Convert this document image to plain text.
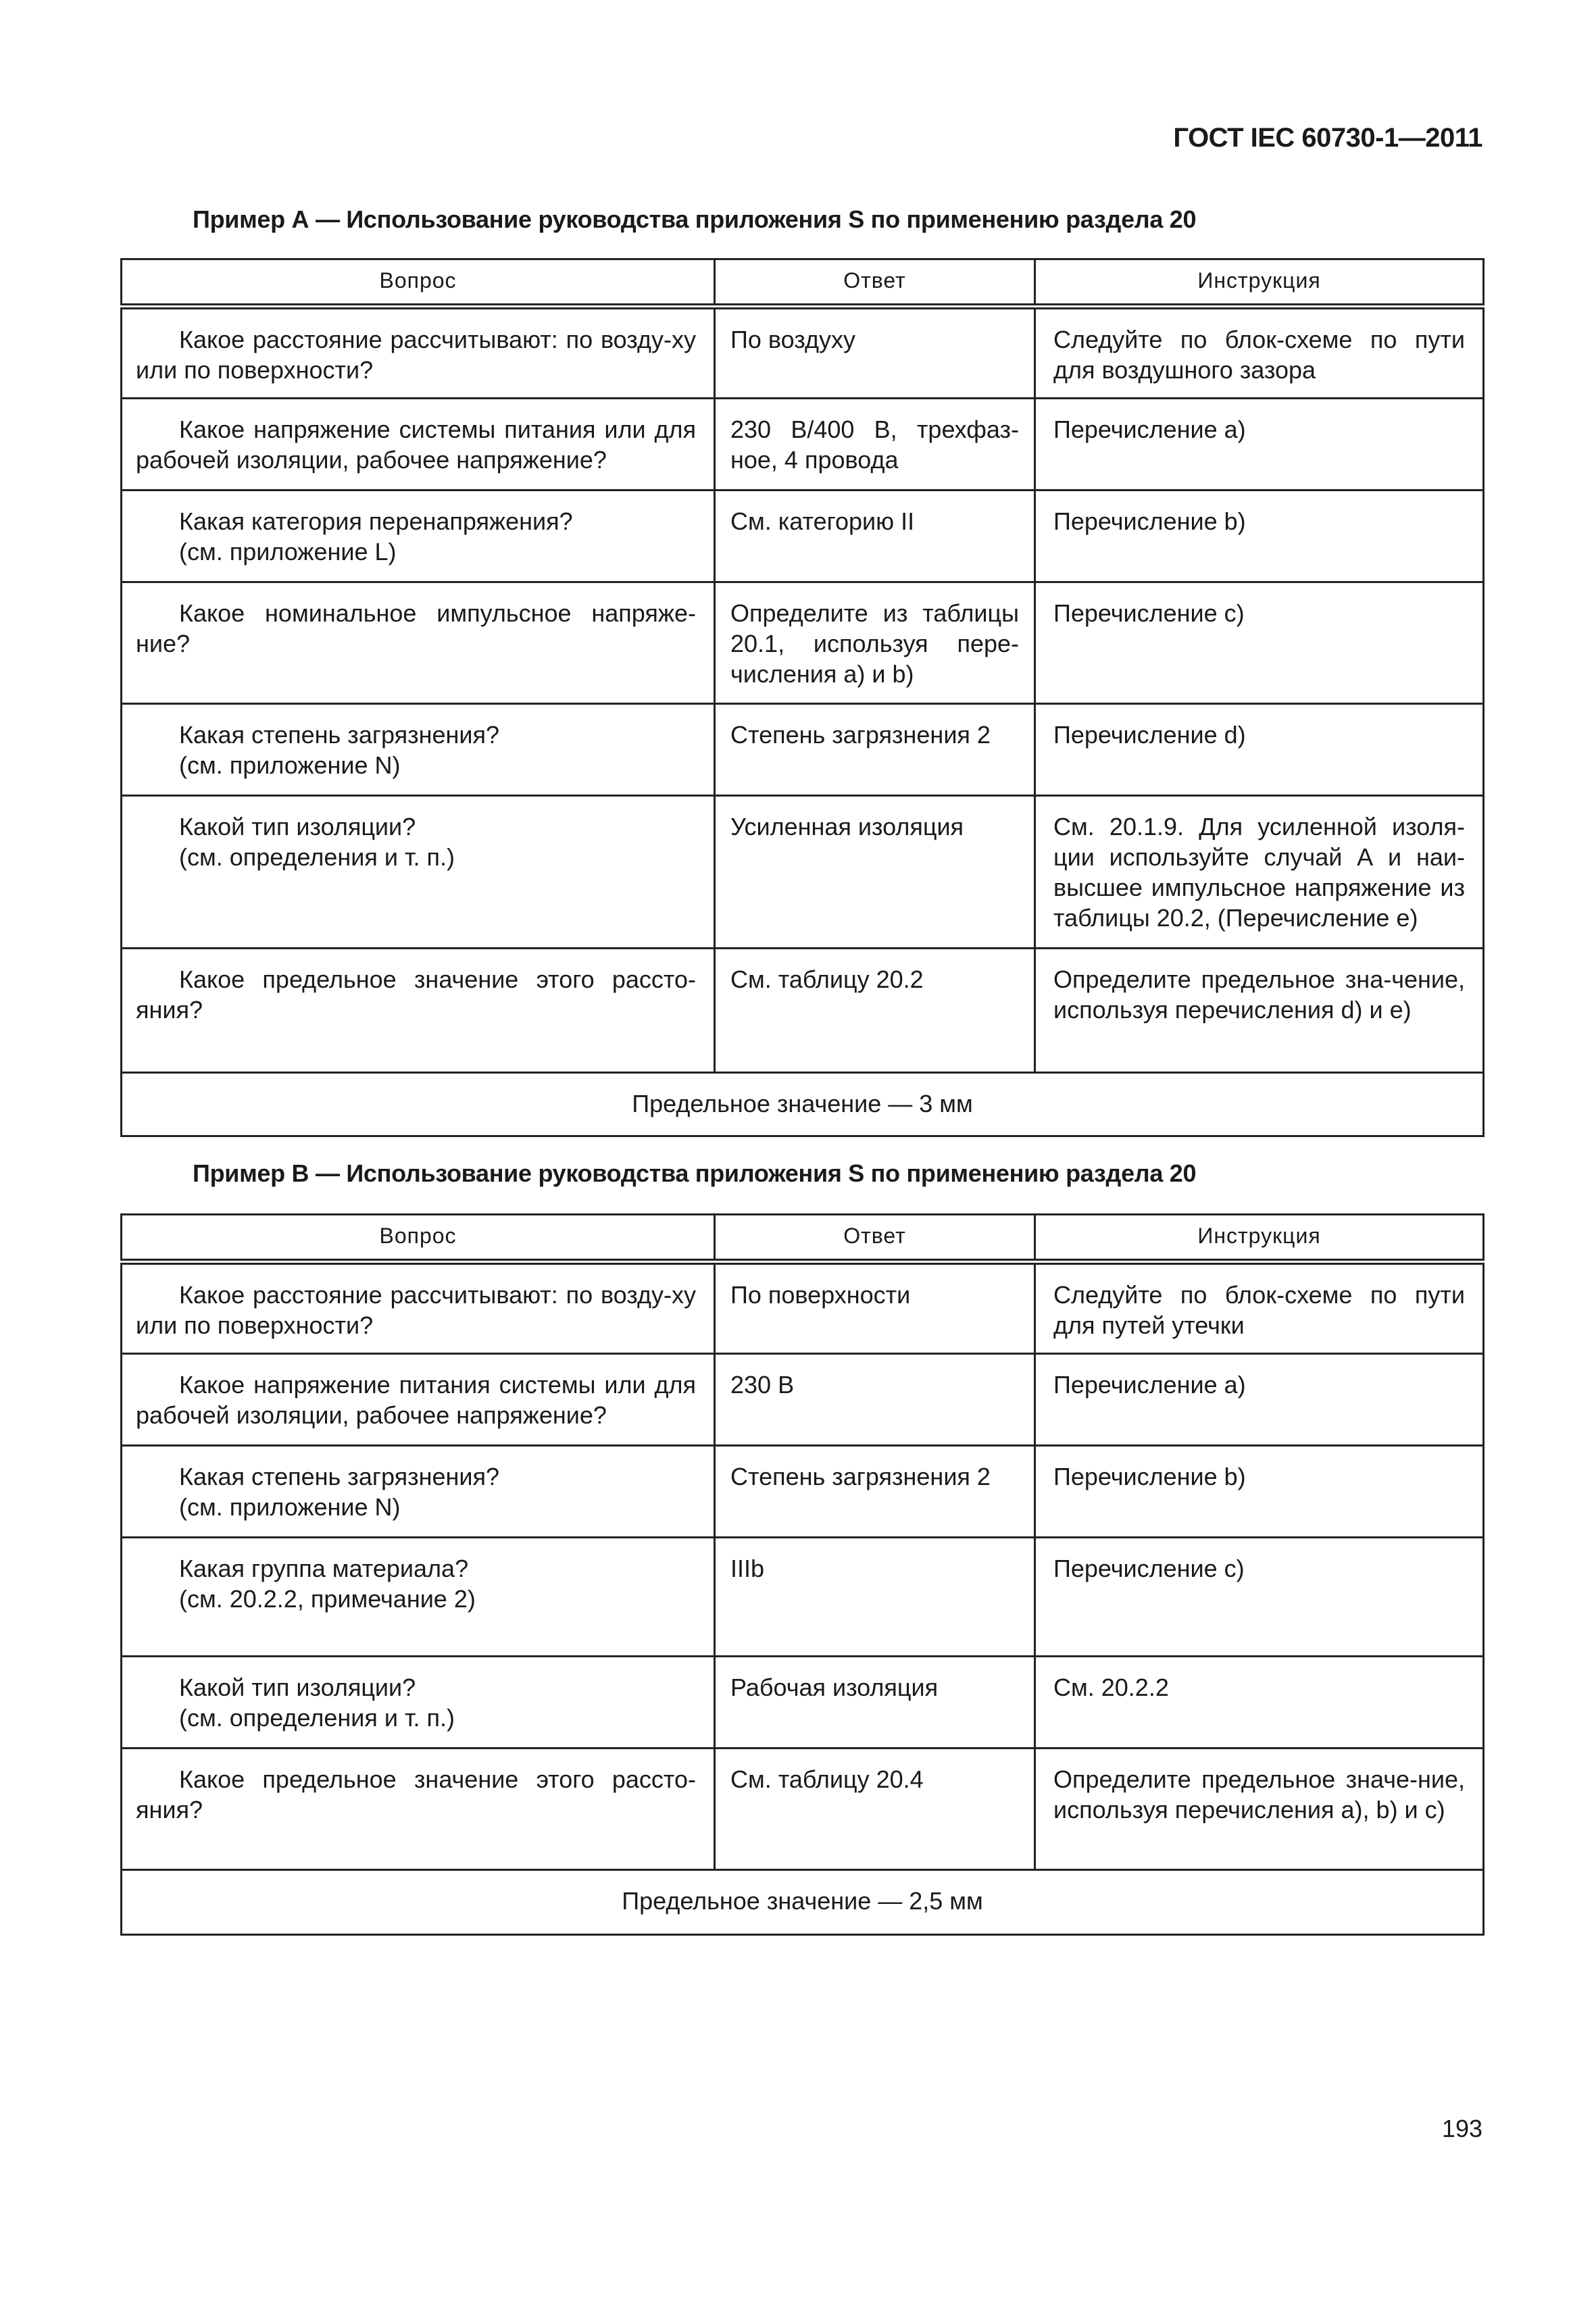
ГОСТ IEC 60730-1—2011
Пример А — Использование руководства приложения S по применению раздела 20
Вопрос	Ответ	Инструкция

Какое расстояние рассчитывают: по возду-ху или по поверхности?	По воздуху	Следуйте по блок-схеме по пути для воздушного зазора

Какое напряжение системы питания или для рабочей изоляции, рабочее напряжение?	230 В/400 В, трехфаз-ное, 4 провода	Перечисление а)

Какая категория перенапряжения?
(см. приложение L)	См. категорию II	Перечисление b)

Какое номинальное импульсное напряже-ние?	Определите из таблицы 20.1, используя пере-числения а) и b)	Перечисление с)

Какая степень загрязнения?
(см. приложение N)	Степень загрязнения 2	Перечисление d)

Какой тип изоляции?
(см. определения и т. п.)	Усиленная изоляция	См. 20.1.9. Для усиленной изоля-ции используйте случай А и наи-высшее импульсное напряжение из таблицы 20.2, (Перечисление е)

Какое предельное значение этого рассто-яния?	См. таблицу 20.2	Определите предельное зна-чение, используя перечисления d) и е)
Предельное значение — 3 мм		
Пример В — Использование руководства приложения S по применению раздела 20
Вопрос	Ответ	Инструкция

Какое расстояние рассчитывают: по возду-ху или по поверхности?	По поверхности	Следуйте по блок-схеме по пути для путей утечки

Какое напряжение питания системы или для рабочей изоляции, рабочее напряжение?	230 В	Перечисление а)

Какая степень загрязнения?
(см. приложение N)	Степень загрязнения 2	Перечисление b)

Какая группа материала?
(см. 20.2.2, примечание 2)	IIIb	Перечисление с)

Какой тип изоляции?
(см. определения и т. п.)	Рабочая изоляция	См. 20.2.2

Какое предельное значение этого рассто-яния?	См. таблицу 20.4	Определите предельное значе-ние, используя перечисления а), b) и с)
Предельное значение — 2,5 мм		
193
